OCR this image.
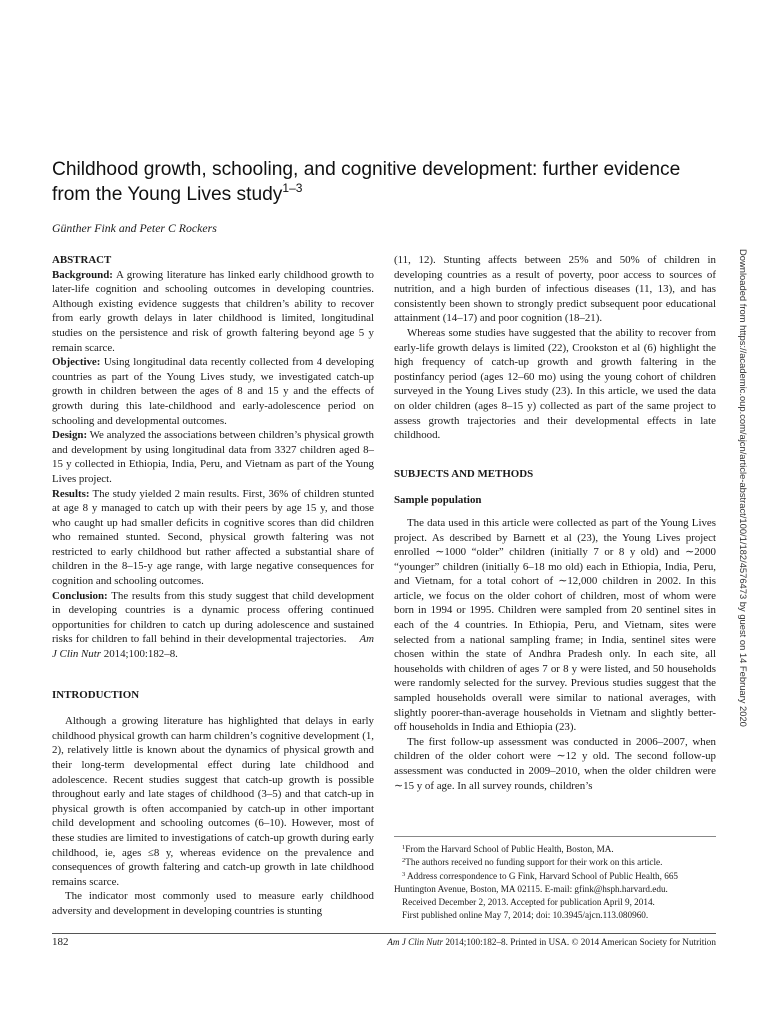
Childhood growth, schooling, and cognitive development: further evidence from the Young Lives study$^{1-3}$
Günther Fink and Peter C Rockers

ABSTRACT

Background: A growing literature has linked early childhood growth to later-life cognition and schooling outcomes in developing countries. Although existing evidence suggests that children’s ability to recover from early growth delays in later childhood is limited, longitudinal studies on the persistence and risk of growth faltering beyond age 5 y remain scarce.

Objective: Using longitudinal data recently collected from 4 developing countries as part of the Young Lives study, we investigated catch-up growth in children between the ages of 8 and 15 y and the effects of growth during this late-childhood and early-adolescence period on schooling and developmental outcomes.

Design: We analyzed the associations between children’s physical growth and development by using longitudinal data from 3327 children aged 8–15 y collected in Ethiopia, India, Peru, and Vietnam as part of the Young Lives project.

Results: The study yielded 2 main results. First, 36% of children stunted at age 8 y managed to catch up with their peers by age 15 y, and those who caught up had smaller deficits in cognitive scores than did children who remained stunted. Second, physical growth faltering was not restricted to early childhood but rather affected a substantial share of children in the 8–15-y age range, with large negative consequences for cognition and schooling outcomes.

Conclusion: The results from this study suggest that child development in developing countries is a dynamic process offering continued opportunities for children to catch up during adolescence and sustained risks for children to fall behind in their developmental trajectories. Am J Clin Nutr 2014;100:182–8.

INTRODUCTION

Although a growing literature has highlighted that delays in early childhood physical growth can harm children’s cognitive development (1, 2), relatively little is known about the dynamics of physical growth and their long-term developmental effect during late childhood and adolescence. Recent studies suggest that catch-up growth is possible throughout early and late stages of childhood (3–5) and that catch-up in physical growth is often accompanied by catch-up in other important child development and schooling outcomes (6–10). However, most of these studies are limited to investigations of catch-up growth during early childhood, ie, ages ≤8 y, whereas evidence on the prevalence and consequences of growth faltering and catch-up growth in late childhood remains scarce.

The indicator most commonly used to measure early childhood adversity and development in developing countries is stunting

(11, 12). Stunting affects between 25% and 50% of children in developing countries as a result of poverty, poor access to sources of nutrition, and a high burden of infectious diseases (11, 13), and has consistently been shown to strongly predict subsequent poor educational attainment (14–17) and poor cognition (18–21).

Whereas some studies have suggested that the ability to recover from early-life growth delays is limited (22), Crookston et al (6) highlight the high frequency of catch-up growth and growth faltering in the postinfancy period (ages 12–60 mo) using the young cohort of children surveyed in the Young Lives study (23). In this article, we used the data on older children (ages 8–15 y) collected as part of the same project to assess growth trajectories and their developmental effects in late childhood.

SUBJECTS AND METHODS

Sample population

The data used in this article were collected as part of the Young Lives project. As described by Barnett et al (23), the Young Lives project enrolled ∼1000 “older” children (initially 7 or 8 y old) and ∼2000 “younger” children (initially 6–18 mo old) each in Ethiopia, India, Peru, and Vietnam, for a total cohort of ∼12,000 children in 2002. In this article, we focus on the older cohort of children, most of whom were born in 1994 or 1995. Children were sampled from 20 sentinel sites in each of the 4 countries. In Ethiopia, Peru, and Vietnam, sites were selected from a national sampling frame; in India, sentinel sites were chosen within the state of Andhra Pradesh only. In each site, all households with children of ages 7 or 8 y were listed, and 50 households were randomly selected for the survey. Previous studies suggest that the sampled households overall were similar to national averages, with slightly poorer-than-average households in Vietnam and slightly better-off households in India and Ethiopia (23).

The first follow-up assessment was conducted in 2006–2007, when children of the older cohort were ∼12 y old. The second follow-up assessment was conducted in 2009–2010, when the older children were ∼15 y of age. In all survey rounds, children’s

$^1$From the Harvard School of Public Health, Boston, MA.

$^2$The authors received no funding support for their work on this article.

$^3$ Address correspondence to G Fink, Harvard School of Public Health, 665 Huntington Avenue, Boston, MA 02115. E-mail: gfink@hsph.harvard.edu.

Received December 2, 2013. Accepted for publication April 9, 2014.

First published online May 7, 2014; doi: 10.3945/ajcn.113.080960.

182	Am J Clin Nutr 2014;100:182–8. Printed in USA. © 2014 American Society for Nutrition
Downloaded from https://academic.oup.com/ajcn/article-abstract/100/1/182/4576473 by guest on 14 February 2020
